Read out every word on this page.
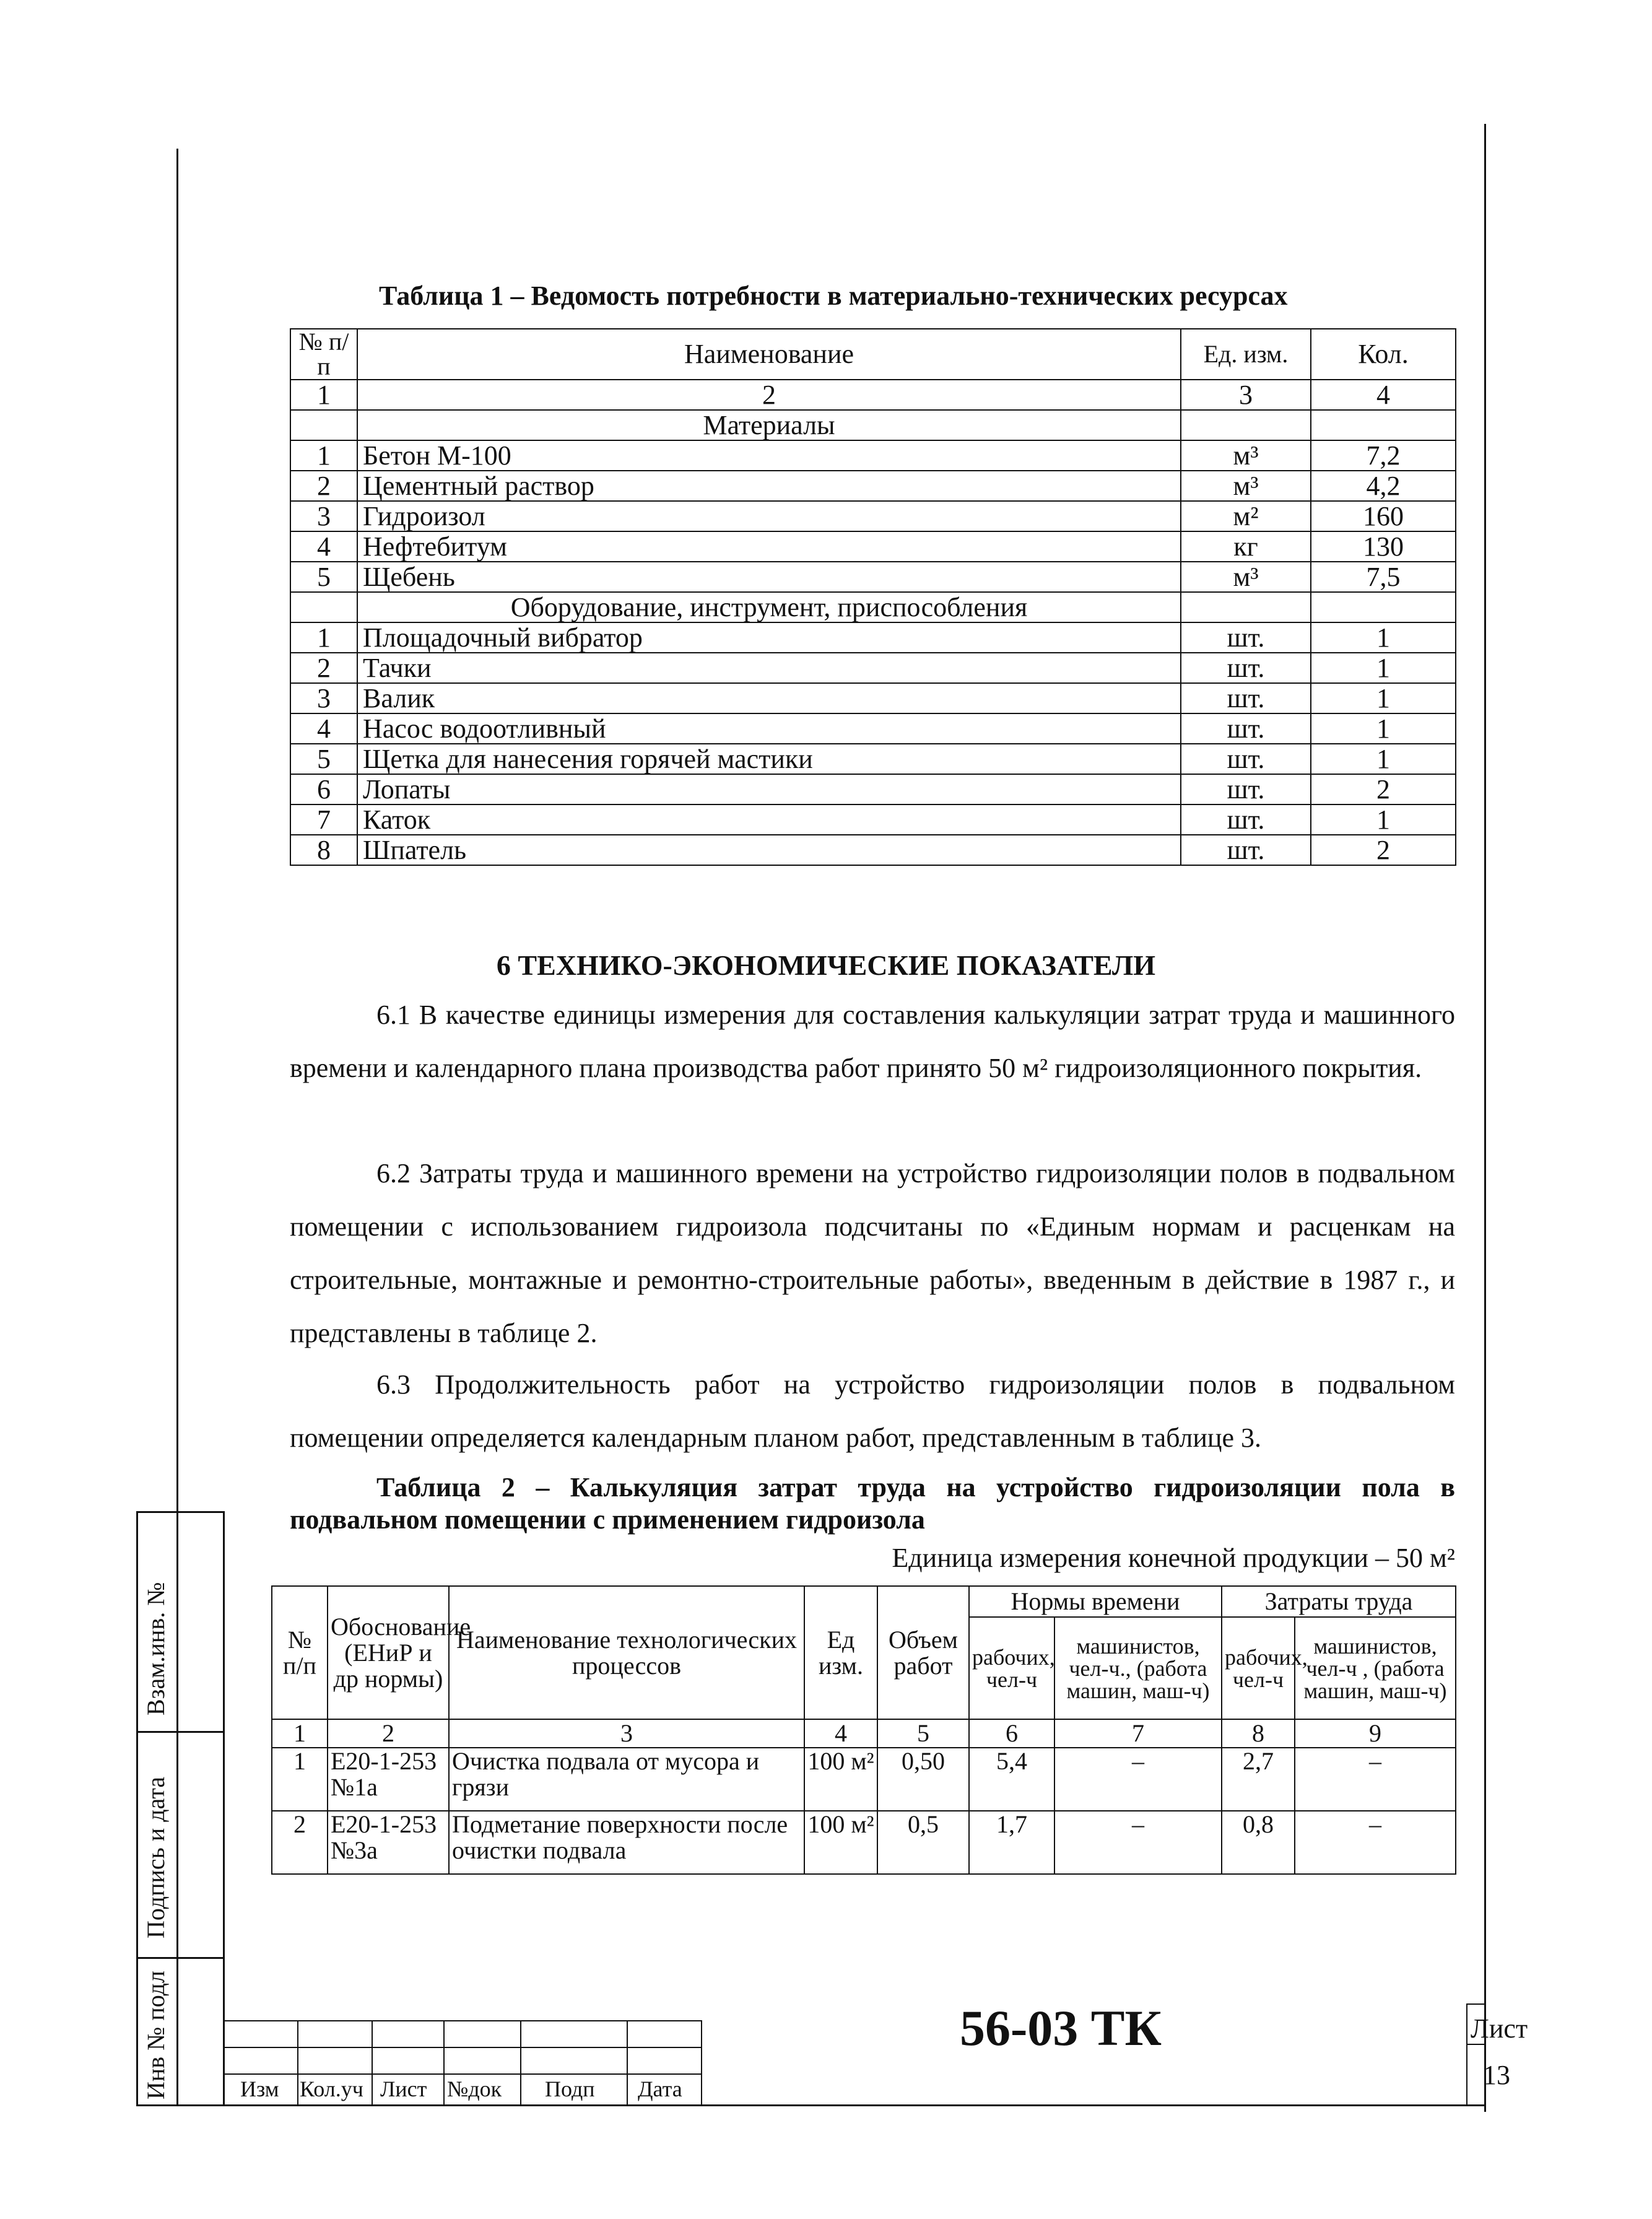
Взам.инв. №
Подпись и дата
Инв № подл
Таблица 1 – Ведомость потребности в материально-технических ресурсах
№ п/п	Наименование	Ед. изм.	Кол.
1	2	3	4
	Материалы		
1	Бетон М-100	м³	7,2
2	Цементный раствор	м³	4,2
3	Гидроизол	м²	160
4	Нефтебитум	кг	130
5	Щебень	м³	7,5
	Оборудование, инструмент, приспособления		
1	Площадочный вибратор	шт.	1
2	Тачки	шт.	1
3	Валик	шт.	1
4	Насос водоотливный	шт.	1
5	Щетка для нанесения горячей мастики	шт.	1
6	Лопаты	шт.	2
7	Каток	шт.	1
8	Шпатель	шт.	2
6 ТЕХНИКО-ЭКОНОМИЧЕСКИЕ ПОКАЗАТЕЛИ
6.1 В качестве единицы измерения для составления калькуляции затрат труда и машинного времени и календарного плана производства работ принято 50 м² гидроизоляционного покрытия.
6.2 Затраты труда и машинного времени на устройство гидроизоляции полов в подвальном помещении с использованием гидроизола подсчитаны по «Единым нормам и расценкам на строительные, монтажные и ремонтно-строительные работы», введенным в действие в 1987 г., и представлены в таблице 2.
6.3 Продолжительность работ на устройство гидроизоляции полов в подвальном помещении определяется календарным планом работ, представленным в таблице 3.
Таблица 2 – Калькуляция затрат труда на устройство гидроизоляции пола в подвальном помещении с применением гидроизола
Единица измерения конечной продукции – 50 м²
№ п/п	Обоснование (ЕНиР и др нормы)	Наименование технологических процессов	Ед изм.	Объем работ	Нормы времени		Затраты труда	
					рабочих, чел-ч	машинистов, чел-ч., (работа машин, маш-ч)	рабочих, чел-ч	машинистов, чел-ч , (работа машин, маш-ч)
1	2	3	4	5	6	7	8	9
1	Е20-1-253 №1а	Очистка подвала от мусора и грязи	100 м²	0,50	5,4	–	2,7	–
2	Е20-1-253 №3а	Подметание поверхности после очистки подвала	100 м²	0,5	1,7	–	0,8	–
Изм Кол.уч Лист №док Подп Дата
56-03 ТК	Лист
13
